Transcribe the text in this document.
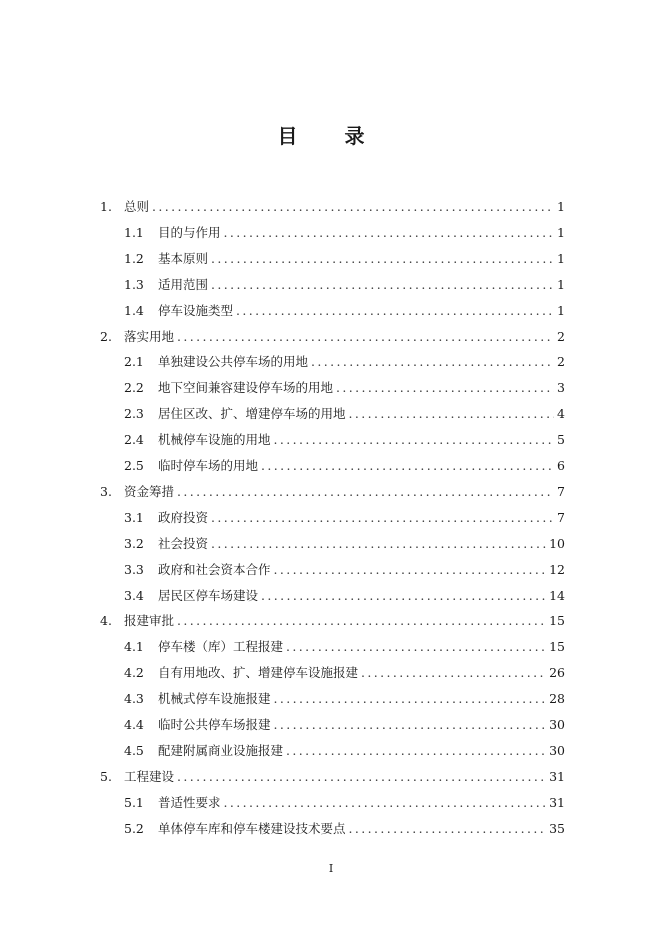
目 录
1. 总则 .....	1
1.1	目的与作用 .....	1
1.2	基本原则 .....	1
1.3	适用范围 .....	1
1.4	停车设施类型 .....	1
2. 落实用地 .....	2
2.1	单独建设公共停车场的用地 .....	2
2.2	地下空间兼容建设停车场的用地 .....	3
2.3	居住区改、扩、增建停车场的用地 .....	4
2.4	机械停车设施的用地 .....	5
2.5	临时停车场的用地 .....	6
3. 资金筹措 .....	7
3.1	政府投资 .....	7
3.2	社会投资 .....	10
3.3	政府和社会资本合作 .....	12
3.4	居民区停车场建设 .....	14
4. 报建审批 .....	15
4.1	停车楼（库）工程报建 .....	15
4.2	自有用地改、扩、增建停车设施报建 .....	26
4.3	机械式停车设施报建 .....	28
4.4	临时公共停车场报建 .....	30
4.5	配建附属商业设施报建 .....	30
5. 工程建设 .....	31
5.1	普适性要求 .....	31
5.2	单体停车库和停车楼建设技术要点 .....	35
I
